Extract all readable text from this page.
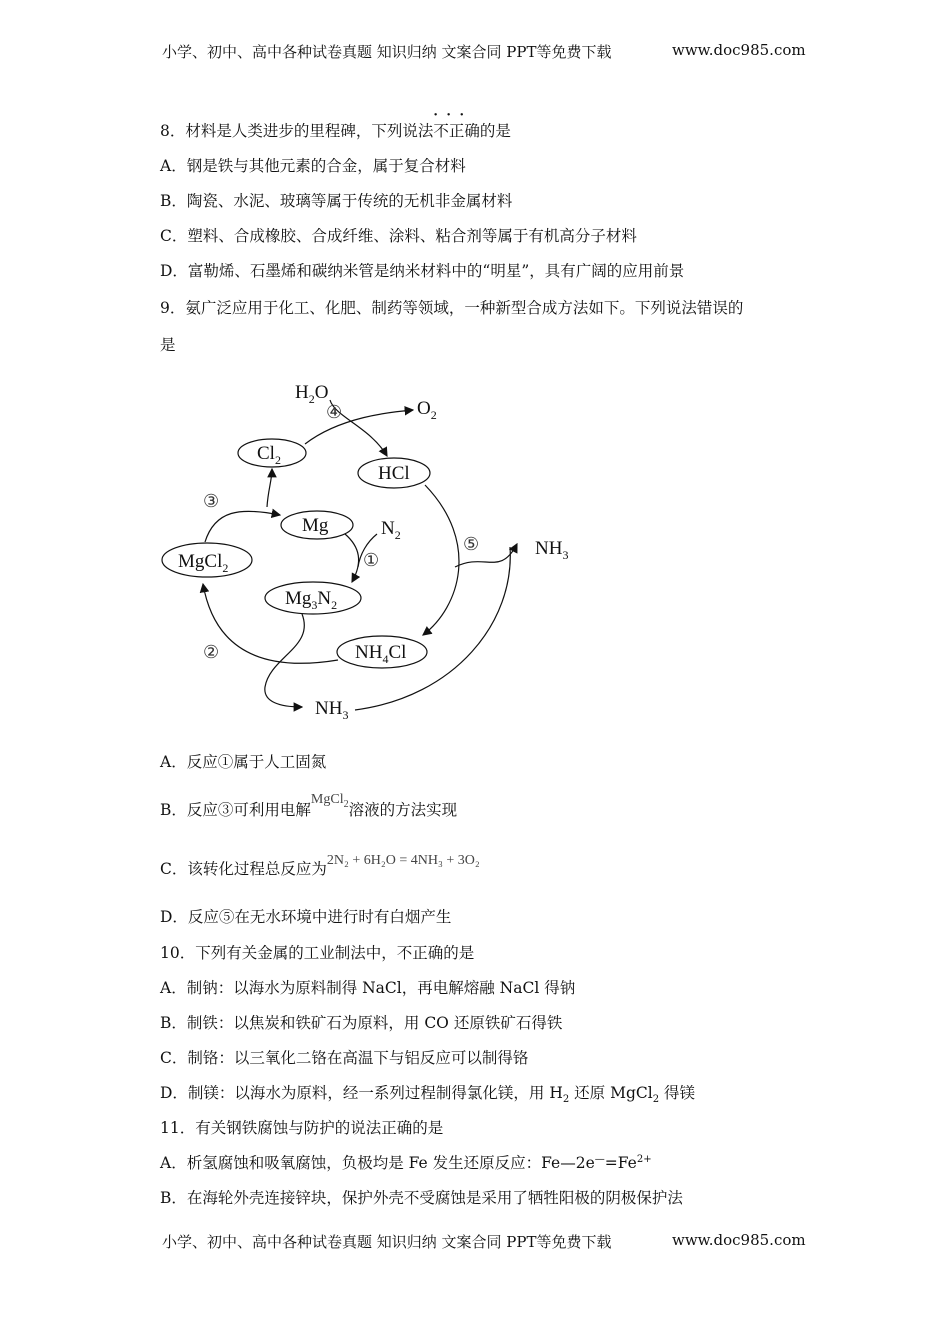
小学、初中、高中各种试卷真题 知识归纳 文案合同 PPT等免费下载	www.doc985.com
8．材料是人类进步的里程碑，下列说法· · · 不正确的是
A．钢是铁与其他元素的合金，属于复合材料
B．陶瓷、水泥、玻璃等属于传统的无机非金属材料
C．塑料、合成橡胶、合成纤维、涂料、粘合剂等属于有机高分子材料
D．富勒烯、石墨烯和碳纳米管是纳米材料中的“明星”，具有广阔的应用前景
9．氨广泛应用于化工、化肥、制药等领域，一种新型合成方法如下。下列说法错误的
是
$H_2O$
$O_2$
$Cl_2$
HCl
Mg	$N_2$
MgCl$_2$
$Mg_3N_2$
$NH_4Cl$
$NH_3$
$NH_3$
④
③
①
⑤
②
A．反应①属于人工固氮
B．反应③可利用电解MgCl$_2$溶液的方法实现
C．该转化过程总反应为2N₂ + 6H₂O = 4NH₃ + 3O₂
D．反应⑤在无水环境中进行时有白烟产生
10．下列有关金属的工业制法中，不正确的是
A．制钠：以海水为原料制得 NaCl，再电解熔融 NaCl 得钠
B．制铁：以焦炭和铁矿石为原料，用 CO 还原铁矿石得铁
C．制铬：以三氧化二铬在高温下与铝反应可以制得铬
D．制镁：以海水为原料，经一系列过程制得氯化镁，用 $H_2$ 还原 MgCl$_2$ 得镁
11．有关钢铁腐蚀与防护的说法正确的是
A．析氢腐蚀和吸氧腐蚀，负极均是 Fe 发生还原反应：$Fe—2e^—=Fe^{2+}$
B．在海轮外壳连接锌块，保护外壳不受腐蚀是采用了牺牲阳极的阴极保护法
小学、初中、高中各种试卷真题 知识归纳 文案合同 PPT等免费下载	www.doc985.com
